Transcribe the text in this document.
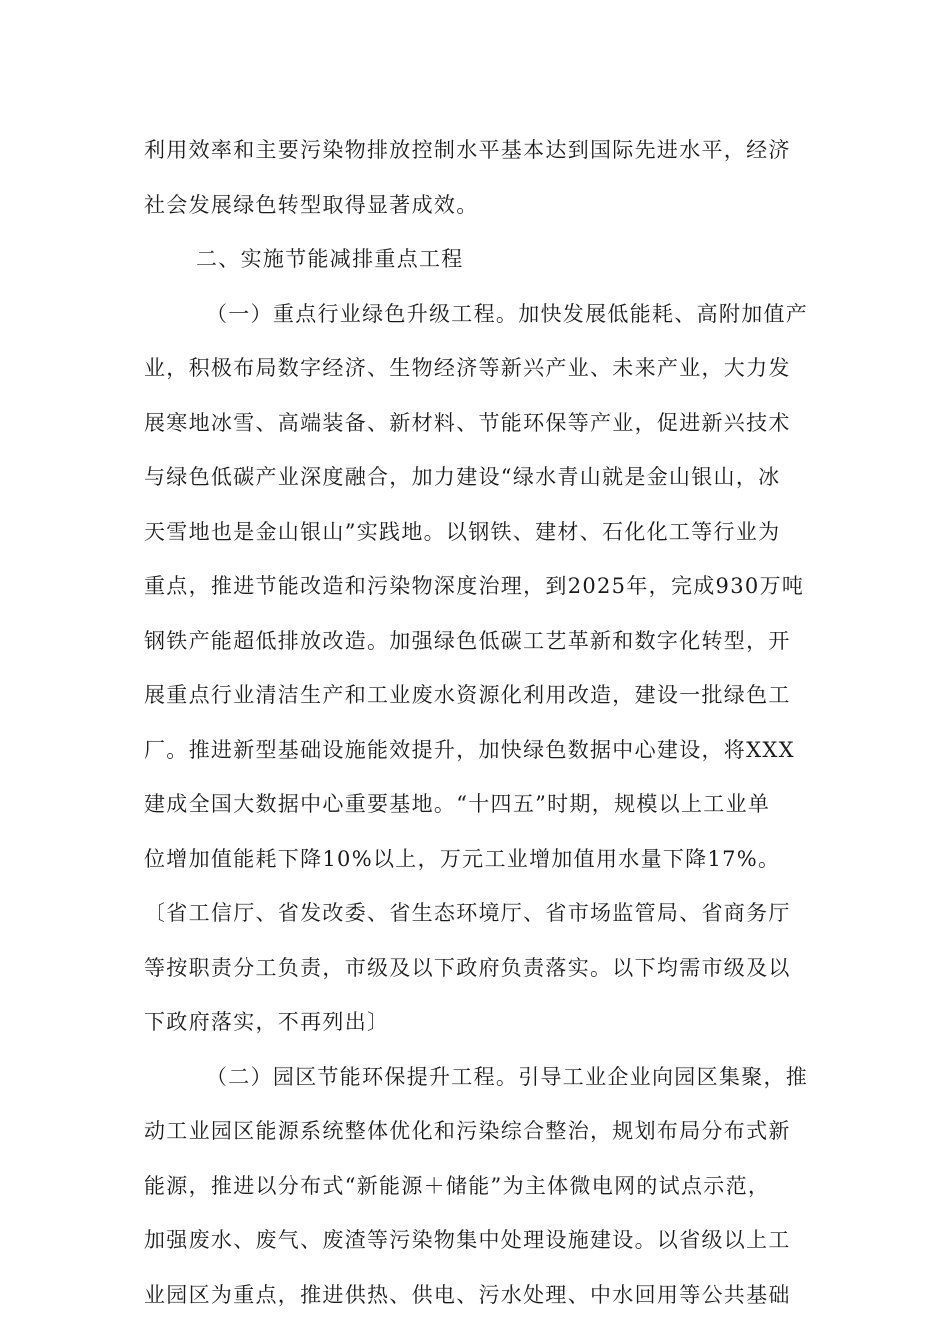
利用效率和主要污染物排放控制水平基本达到国际先进水平，经济
社会发展绿色转型取得显著成效。
二、实施节能减排重点工程
（一）重点行业绿色升级工程。加快发展低能耗、高附加值产
业，积极布局数字经济、生物经济等新兴产业、未来产业，大力发
展寒地冰雪、高端装备、新材料、节能环保等产业，促进新兴技术
与绿色低碳产业深度融合，加力建设“绿水青山就是金山银山，冰
天雪地也是金山银山”实践地。以钢铁、建材、石化化工等行业为
重点，推进节能改造和污染物深度治理，到2025年，完成930万吨
钢铁产能超低排放改造。加强绿色低碳工艺革新和数字化转型，开
展重点行业清洁生产和工业废水资源化利用改造，建设一批绿色工
厂。推进新型基础设施能效提升，加快绿色数据中心建设，将XXX
建成全国大数据中心重要基地。“十四五”时期，规模以上工业单
位增加值能耗下降10%以上，万元工业增加值用水量下降17%。
〔省工信厅、省发改委、省生态环境厅、省市场监管局、省商务厅
等按职责分工负责，市级及以下政府负责落实。以下均需市级及以
下政府落实，不再列出〕
（二）园区节能环保提升工程。引导工业企业向园区集聚，推
动工业园区能源系统整体优化和污染综合整治，规划布局分布式新
能源，推进以分布式“新能源＋储能”为主体微电网的试点示范，
加强废水、废气、废渣等污染物集中处理设施建设。以省级以上工
业园区为重点，推进供热、供电、污水处理、中水回用等公共基础
